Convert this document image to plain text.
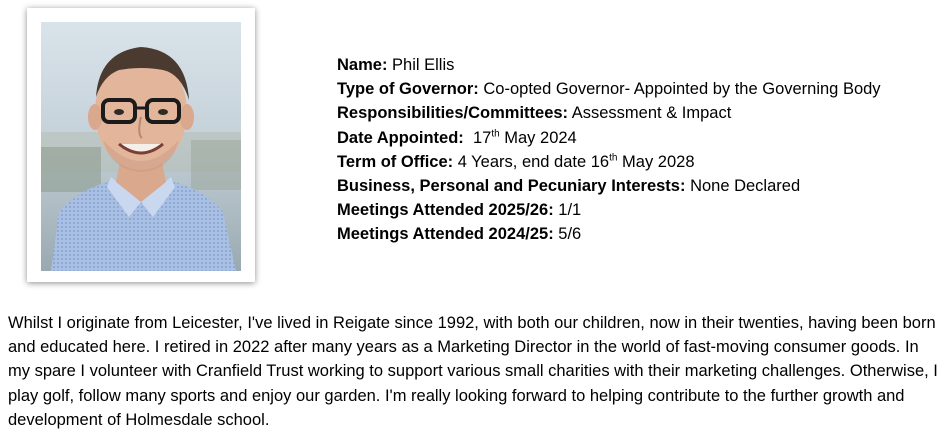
Name: Phil Ellis
Type of Governor: Co-opted Governor- Appointed by the Governing Body
Responsibilities/Committees: Assessment & Impact
Date Appointed: 17th May 2024
Term of Office: 4 Years, end date 16th May 2028
Business, Personal and Pecuniary Interests: None Declared
Meetings Attended 2025/26: 1/1
Meetings Attended 2024/25: 5/6

Whilst I originate from Leicester, I've lived in Reigate since 1992, with both our children, now in their twenties, having been born and educated here. I retired in 2022 after many years as a Marketing Director in the world of fast-moving consumer goods. In my spare I volunteer with Cranfield Trust working to support various small charities with their marketing challenges. Otherwise, I play golf, follow many sports and enjoy our garden. I'm really looking forward to helping contribute to the further growth and development of Holmesdale school.
